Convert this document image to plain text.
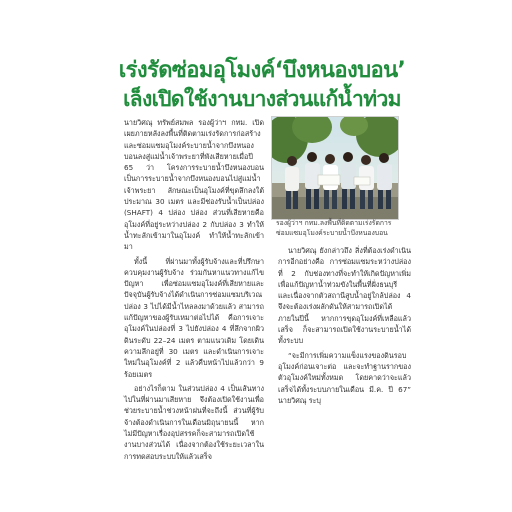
เร่งรัดซ่อมอุโมงค์‘บึงหนองบอน’
เล็งเปิดใช้งานบางส่วนแก้น้ำท่วม

นายวิศณุ ทรัพย์สมพล รองผู้ว่าฯ กทม. เปิดเผยภายหลังลงพื้นที่ติดตามเร่งรัดการก่อสร้างและซ่อมแซมอุโมงค์ระบายน้ำจากบึงหนองบอนลงสู่แม่น้ำเจ้าพระยาที่พังเสียหายเมื่อปี 65 ว่า โครงการระบายน้ำบึงหนองบอน เป็นการระบายน้ำจากบึงหนองบอนไปสู่แม่น้ำเจ้าพระยา ลักษณะเป็นอุโมงค์ที่ขุดลึกลงใต้ประมาณ 30 เมตร และมีช่องรับน้ำเป็นปล่อง (SHAFT) 4 ปล่อง ปล่อง ส่วนที่เสียหายคืออุโมงค์ที่อยู่ระหว่างปล่อง 2 กับปล่อง 3 ทำให้น้ำทะลักเข้ามาในอุโมงค์ ทำให้น้ำทะลักเข้ามา

ทั้งนี้ ที่ผ่านมาทั้งผู้รับจ้างและที่ปรึกษาควบคุมงานผู้รับจ้าง ร่วมกันหาแนวทางแก้ไขปัญหา เพื่อซ่อมแซมอุโมงค์ที่เสียหายและปัจจุบันผู้รับจ้างได้ดำเนินการซ่อมแซมบริเวณปล่อง 3 ไปได้มีน้ำไหลลงมาด้วยแล้ว สามารถแก้ปัญหาของผู้รับเหมาต่อไปได้ คือการเจาะอุโมงค์ในปล่องที่ 3 ไปยังปล่อง 4 ที่ลึกจากผิวดินระดับ 22–24 เมตร ตามแนวเดิม โดยเดินความลึกอยู่ที่ 30 เมตร และดำเนินการเจาะใหม่ในอุโมงค์ที่ 2 แล้วคืบหน้าไปแล้วกว่า 9 ร้อยเมตร

อย่างไรก็ตาม ในส่วนปล่อง 4 เป็นเส้นทางไปในที่ผ่านมาเสียหาย จึงต้องเปิดใช้งานเพื่อช่วยระบายน้ำช่วงหน้าฝนที่จะถึงนี้ ส่วนที่ผู้รับจ้างต้องดำเนินการในเดือนมิถุนายนนี้ หากไม่มีปัญหาเรื่องอุปสรรคก็จะสามารถเปิดใช้งานบางส่วนได้ เนื่องจากต้องใช้ระยะเวลาในการทดสอบระบบให้แล้วเสร็จ

รองผู้ว่าฯ กทม.ลงพื้นที่ติดตามเร่งรัดการซ่อมแซมอุโมงค์ระบายน้ำบึงหนองบอน

นายวิศณุ ยังกล่าวถึง สิ่งที่ต้องเร่งดำเนินการอีกอย่างคือ การซ่อมแซมระหว่างปล่องที่ 2 กับช่องทางที่จะทำให้เกิดปัญหาเพิ่ม เพื่อแก้ปัญหาน้ำท่วมขังในพื้นที่ฝั่งธนบุรี และเนื่องจากตัวสถานีสูบน้ำอยู่ใกล้ปล่อง 4 จึงจะต้องเร่งผลักดันให้สามารถเปิดได้ภายในปีนี้ หากการขุดอุโมงค์ที่เหลือแล้วเสร็จ ก็จะสามารถเปิดใช้งานระบายน้ำได้ทั้งระบบ

“จะมีการเพิ่มความแข็งแรงของดินรอบอุโมงค์ก่อนเจาะต่อ และจะทำฐานรากของตัวอุโมงค์ใหม่ทั้งหมด โดยคาดว่าจะแล้วเสร็จได้ทั้งระบบภายในเดือน มี.ค. ปี 67” นายวิศณุ ระบุ
